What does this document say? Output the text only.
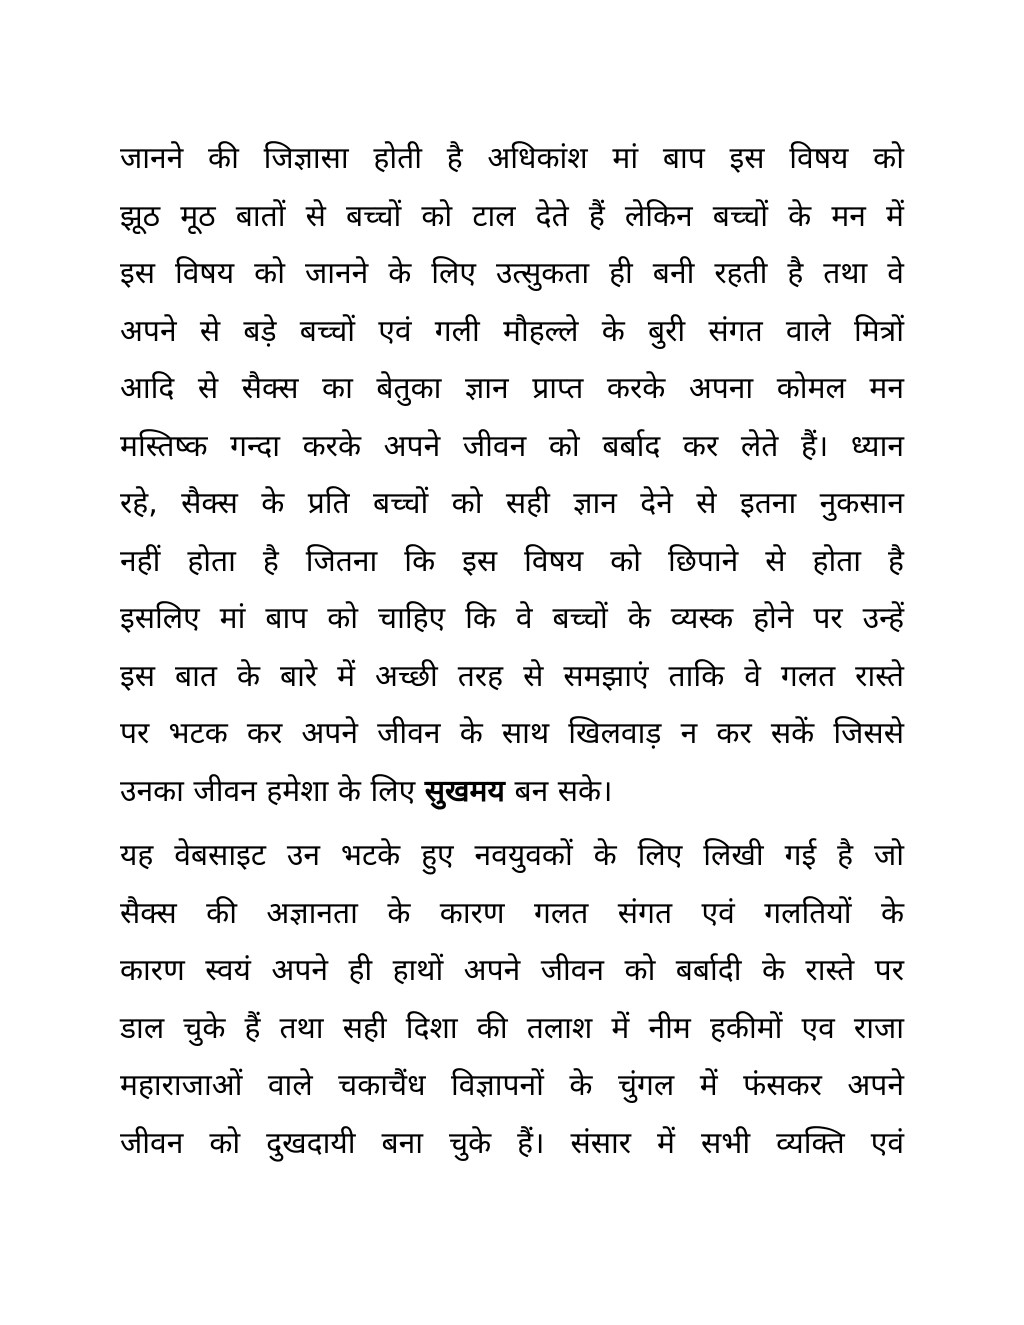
जानने की जिज्ञासा होती है अधिकांश मां बाप इस विषय को
झूठ मूठ बातों से बच्चों को टाल देते हैं लेकिन बच्चों के मन में
इस विषय को जानने के लिए उत्सुकता ही बनी रहती है तथा वे
अपने से बड़े बच्चों एवं गली मौहल्ले के बुरी संगत वाले मित्रों
आदि से सैक्स का बेतुका ज्ञान प्राप्त करके अपना कोमल मन
मस्तिष्क गन्दा करके अपने जीवन को बर्बाद कर लेते हैं। ध्यान
रहे, सैक्स के प्रति बच्चों को सही ज्ञान देने से इतना नुकसान
नहीं होता है जितना कि इस विषय को छिपाने से होता है
इसलिए मां बाप को चाहिए कि वे बच्चों के व्यस्क होने पर उन्हें
इस बात के बारे में अच्छी तरह से समझाएं ताकि वे गलत रास्ते
पर भटक कर अपने जीवन के साथ खिलवाड़ न कर सकें जिससे
उनका जीवन हमेशा के लिए सुखमय बन सके।
यह वेबसाइट उन भटके हुए नवयुवकों के लिए लिखी गई है जो
सैक्स की अज्ञानता के कारण गलत संगत एवं गलतियों के
कारण स्वयं अपने ही हाथों अपने जीवन को बर्बादी के रास्ते पर
डाल चुके हैं तथा सही दिशा की तलाश में नीम हकीमों एव राजा
महाराजाओं वाले चकाचैंध विज्ञापनों के चुंगल में फंसकर अपने
जीवन को दुखदायी बना चुके हैं। संसार में सभी व्यक्ति एवं
